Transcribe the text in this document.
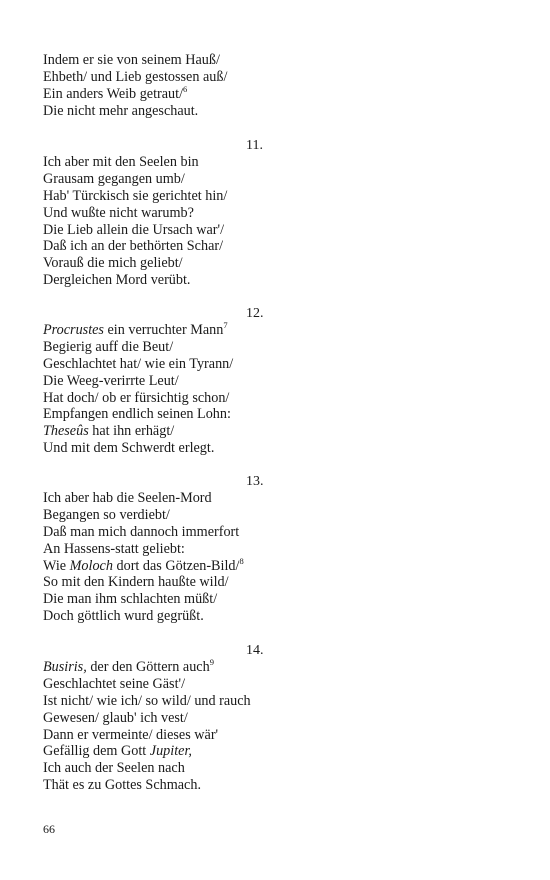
Indem er sie von seinem Hauß/
Ehbeth/ und Lieb gestossen auß/
Ein anders Weib getraut/$^6$
Die nicht mehr angeschaut.
11.
Ich aber mit den Seelen bin
Grausam gegangen umb/
Hab' Türckisch sie gerichtet hin/
Und wußte nicht warumb?
Die Lieb allein die Ursach war'/
Daß ich an der bethörten Schar/
Vorauß die mich geliebt/
Dergleichen Mord verübt.
12.
Procrustes ein verruchter Mann$^7$
Begierig auff die Beut/
Geschlachtet hat/ wie ein Tyrann/
Die Weeg-verirrte Leut/
Hat doch/ ob er fürsichtig schon/
Empfangen endlich seinen Lohn:
Theseûs hat ihn erhägt/
Und mit dem Schwerdt erlegt.
13.
Ich aber hab die Seelen-Mord
Begangen so verdiebt/
Daß man mich dannoch immerfort
An Hassens-statt geliebt:
Wie Moloch dort das Götzen-Bild/$^8$
So mit den Kindern haußte wild/
Die man ihm schlachten müßt/
Doch göttlich wurd gegrüßt.
14.
Busiris, der den Göttern auch$^9$
Geschlachtet seine Gäst'/
Ist nicht/ wie ich/ so wild/ und rauch
Gewesen/ glaub' ich vest/
Dann er vermeinte/ dieses wär'
Gefällig dem Gott Jupiter,
Ich auch der Seelen nach
Thät es zu Gottes Schmach.
66
